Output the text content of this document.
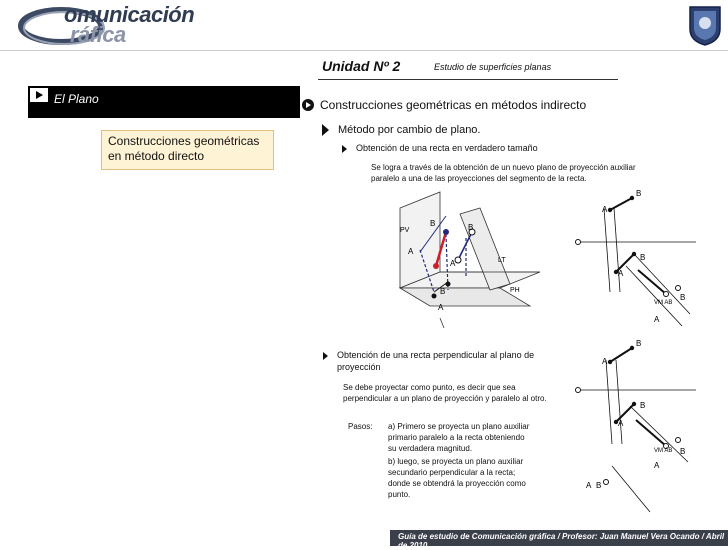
omunicación
ráfica
Unidad Nº 2	Estudio de superficies planas
El Plano
Construcciones geométricas en método directo
Construcciones geométricas en métodos indirecto
Método por cambio de plano.
Obtención de una recta en verdadero tamaño
Se logra a través de la obtención de un nuevo plano de proyección auxiliar
paralelo a una de las proyecciones del segmento de la recta.
Obtención de una recta perpendicular al plano de
proyección
Se debe proyectar como punto, es decir que sea
perpendicular a un plano de proyección y paralelo al otro.
Pasos: a) Primero se proyecta un plano auxiliar
primario paralelo a la recta obteniendo
su verdadera magnitud.
b) luego, se proyecta un plano auxiliar
secundario perpendicular a la recta;
donde se obtendrá la proyección como
punto.
PV
PH
LT
A
B	B
A
A
B
A
B
B
A
VM AB
B
A
A
B
B
A
VM AB B
A
A B
Guía de estudio de Comunicación gráfica / Profesor: Juan Manuel Vera Ocando / Abril de 2010.
